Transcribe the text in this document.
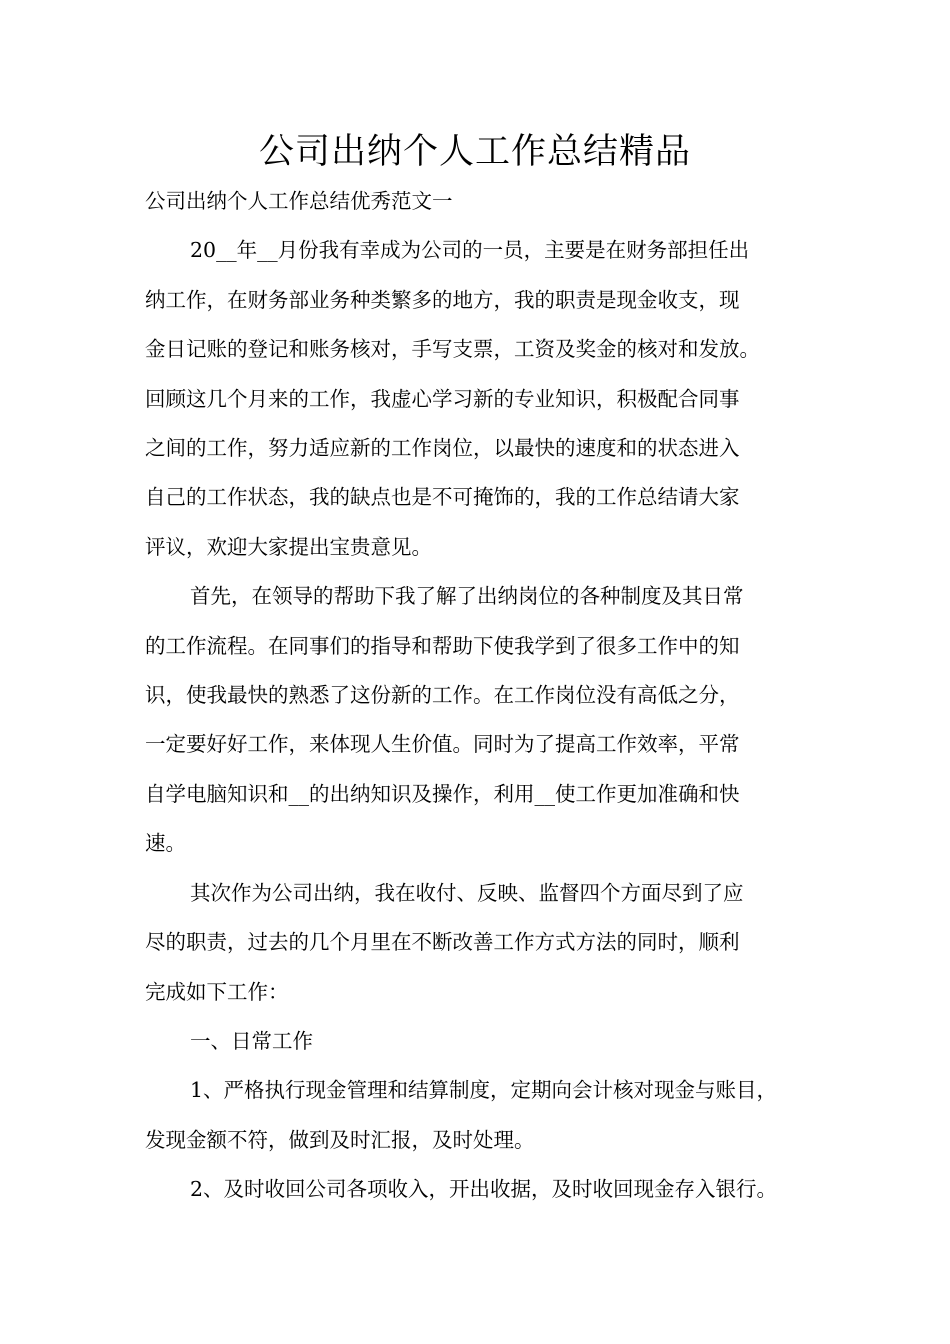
公司出纳个人工作总结精品

公司出纳个人工作总结优秀范文一

20__年__月份我有幸成为公司的一员，主要是在财务部担任出
纳工作，在财务部业务种类繁多的地方，我的职责是现金收支，现
金日记账的登记和账务核对，手写支票，工资及奖金的核对和发放。
回顾这几个月来的工作，我虚心学习新的专业知识，积极配合同事
之间的工作，努力适应新的工作岗位，以最快的速度和的状态进入
自己的工作状态，我的缺点也是不可掩饰的，我的工作总结请大家
评议，欢迎大家提出宝贵意见。
首先，在领导的帮助下我了解了出纳岗位的各种制度及其日常
的工作流程。在同事们的指导和帮助下使我学到了很多工作中的知
识，使我最快的熟悉了这份新的工作。在工作岗位没有高低之分，
一定要好好工作，来体现人生价值。同时为了提高工作效率，平常
自学电脑知识和__的出纳知识及操作，利用__使工作更加准确和快
速。
其次作为公司出纳，我在收付、反映、监督四个方面尽到了应
尽的职责，过去的几个月里在不断改善工作方式方法的同时，顺利
完成如下工作：
一、日常工作
1、严格执行现金管理和结算制度，定期向会计核对现金与账目，
发现金额不符，做到及时汇报，及时处理。
2、及时收回公司各项收入，开出收据，及时收回现金存入银行。
